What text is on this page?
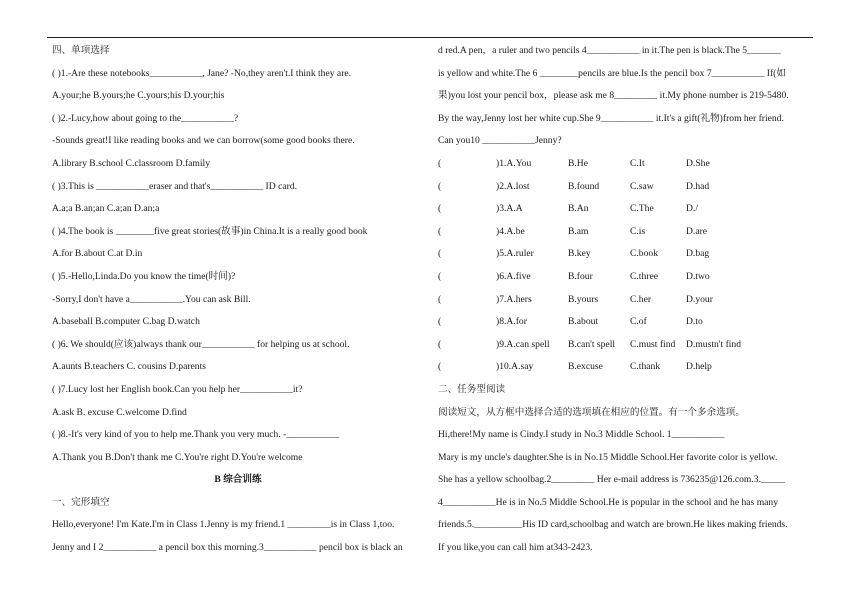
四、单项选择
( )1.-Are these notebooks___________, Jane? -No,they aren't.I think they are.
A.your;he B.yours;he C.yours;his D.your;his
( )2.-Lucy,how about going to the___________?
-Sounds great!I like reading books and we can borrow(some good books there.
A.library B.school C.classroom D.family
( )3.This is ___________eraser and that's___________ ID card.
A.a;a B.an;an C.a;an D.an;a
( )4.The book is ________five great stories(故事)in China.It is a really good book
A.for B.about C.at D.in
( )5.-Hello,Linda.Do you know the time(时间)?
-Sorry,I don't have a___________.You can ask Bill.
A.baseball B.computer C.bag D.watch
( )6. We should(应该)always thank our___________ for helping us at school.
A.aunts B.teachers C. cousins D.parents
( )7.Lucy lost her English book.Can you help her___________it?
A.ask B. excuse C.welcome D.find
( )8.-It's very kind of you to help me.Thank you very much. -___________
A.Thank you B.Don't thank me C.You're right D.You're welcome
B 综合训练
一、完形填空
Hello,everyone! I'm Kate.I'm in Class 1.Jenny is my friend.1 _________is in Class 1,too.
Jenny and I 2___________ a pencil box this morning.3___________ pencil box is black an
d red.A pen，a ruler and two pencils 4___________ in it.The pen is black.The 5_______
is yellow and white.The 6 ________pencils are blue.Is the pencil box 7___________ If(如
果)you lost your pencil box，please ask me 8_________ it.My phone number is 219-5480.
By the way,Jenny lost her white cup.She 9___________ it.It's a gift(礼物)from her friend.
Can you10 ___________Jenny?
(	)1.A.You	B.He	C.It	D.She
(	)2.A.lost	B.found	C.saw	D.had
(	)3.A.A	B.An	C.The	D./
(	)4.A.be	B.am	C.is	D.are
(	)5.A.ruler	B.key	C.book	D.bag
(	)6.A.five	B.four	C.three	D.two
(	)7.A.hers	B.yours	C.her	D.your
(	)8.A.for	B.about	C.of	D.to
(	)9.A.can spell	B.can't spell	C.must find	D.mustn't find
(	)10.A.say	B.excuse	C.thank	D.help
二、任务型阅读
阅读短文，从方框中选择合适的选项填在相应的位置。有一个多余选项。
Hi,there!My name is Cindy.I study in No.3 Middle School. 1___________
Mary is my uncle's daughter.She is in No.15 Middle School.Her favorite color is yellow.
She has a yellow schoolbag.2_________ Her e-mail address is 736235@126.com.3._____
4___________He is in No.5 Middle School.He is popular in the school and he has many
friends.5.__________His ID card,schoolbag and watch are brown.He likes making friends.
If you like,you can call him at343-2423.
